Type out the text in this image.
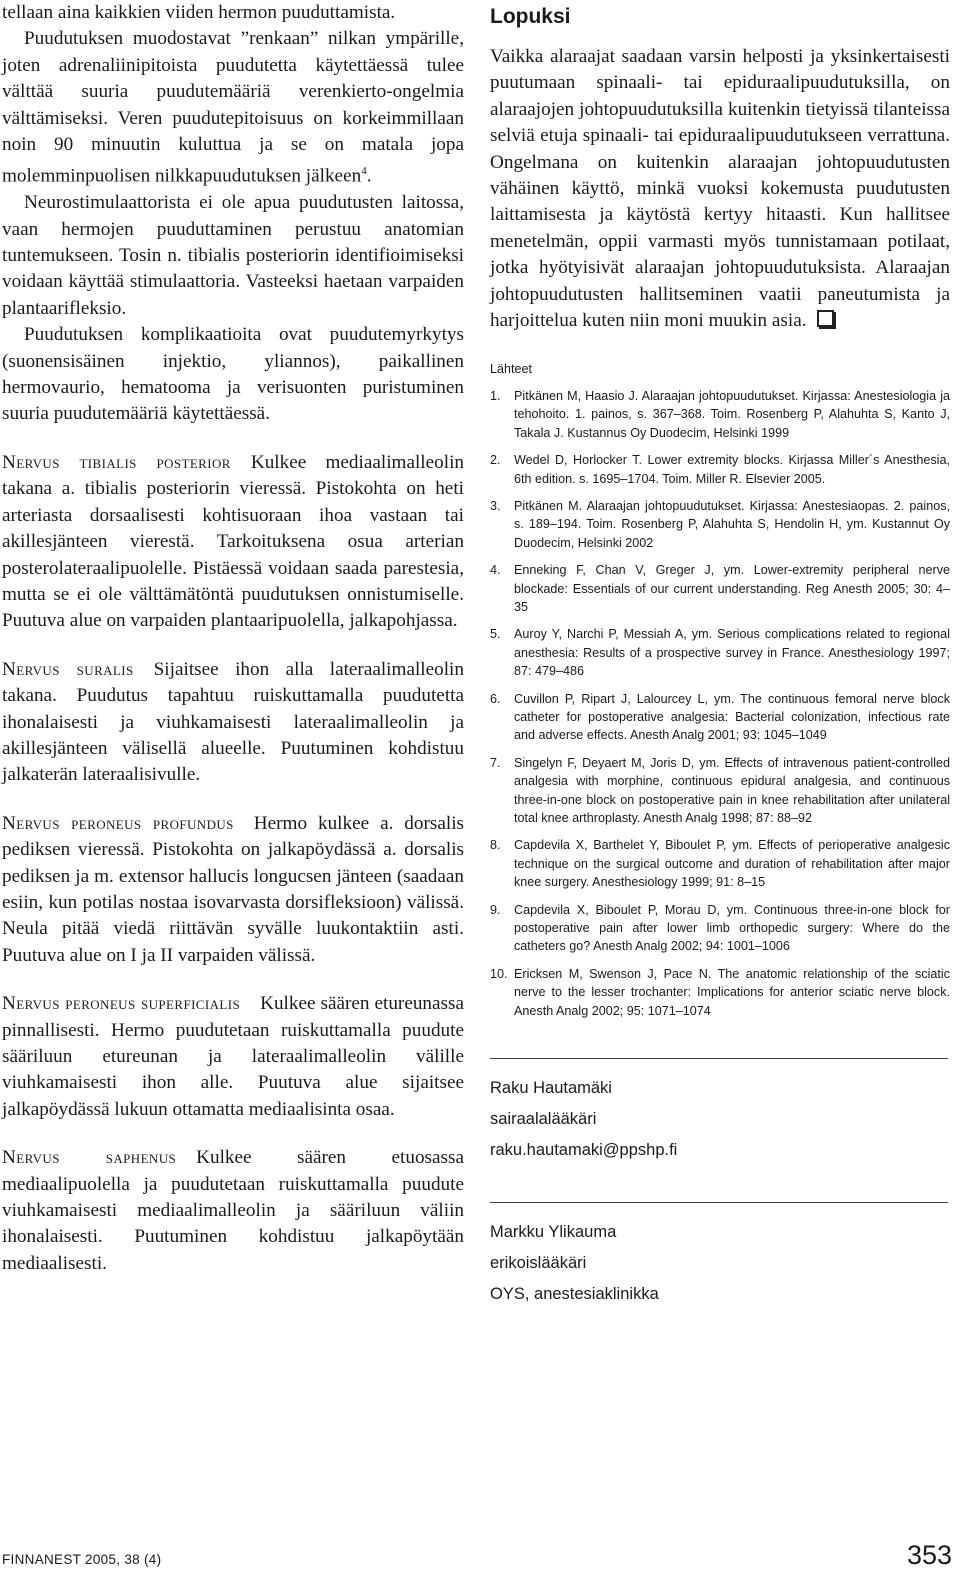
tellaan aina kaikkien viiden hermon puuduttamista.

Puudutuksen muodostavat ”renkaan” nilkan ympärille, joten adrenaliinipitoista puudutetta käytettäessä tulee välttää suuria puudutemääriä verenkierto-ongelmia välttämiseksi. Veren puudutepitoisuus on korkeimmillaan noin 90 minuutin kuluttua ja se on matala jopa molemminpuolisen nilkkapuudutuksen jälkeen$^4$.

Neurostimulaattorista ei ole apua puudutusten laitossa, vaan hermojen puuduttaminen perustuu anatomian tuntemukseen. Tosin n. tibialis posteriorin identifioimiseksi voidaan käyttää stimulaattoria. Vasteeksi haetaan varpaiden plantaarifleksio.

Puudutuksen komplikaatioita ovat puudutemyrkytys (suonensisäinen injektio, yliannos), paikallinen hermovaurio, hematooma ja verisuonten puristuminen suuria puudutemääriä käytettäessä.

Nervus tibialis posterior Kulkee mediaalimalleolin takana a. tibialis posteriorin vieressä. Pistokohta on heti arteriasta dorsaalisesti kohtisuoraan ihoa vastaan tai akillesjänteen vierestä. Tarkoituksena osua arterian posterolateraalipuolelle. Pistäessä voidaan saada parestesia, mutta se ei ole välttämätöntä puudutuksen onnistumiselle. Puutuva alue on varpaiden plantaaripuolella, jalkapohjassa.

Nervus suralis Sijaitsee ihon alla lateraalimalleolin takana. Puudutus tapahtuu ruiskuttamalla puudutetta ihonalaisesti ja viuhkamaisesti lateraalimalleolin ja akillesjänteen välisellä alueelle. Puutuminen kohdistuu jalkaterän lateraalisivulle.

Nervus peroneus profundus Hermo kulkee a. dorsalis pediksen vieressä. Pistokohta on jalkapöydässä a. dorsalis pediksen ja m. extensor hallucis longucsen jänteen (saadaan esiin, kun potilas nostaa isovarvasta dorsifleksioon) välissä. Neula pitää viedä riittävän syvälle luukontaktiin asti. Puutuva alue on I ja II varpaiden välissä.

Nervus peroneus superficialis Kulkee säären etureunassa pinnallisesti. Hermo puudutetaan ruiskuttamalla puudute sääriluun etureunan ja lateraalimalleolin välille viuhkamaisesti ihon alle. Puutuva alue sijaitsee jalkapöydässä lukuun ottamatta mediaalisinta osaa.

Nervus saphenus Kulkee säären etuosassa mediaalipuolella ja puudutetaan ruiskuttamalla puudute viuhkamaisesti mediaalimalleolin ja sääriluun väliin ihonalaisesti. Puutuminen kohdistuu jalkapöytään mediaalisesti.

Lopuksi

Vaikka alaraajat saadaan varsin helposti ja yksinkertaisesti puutumaan spinaali- tai epiduraalipuudutuksilla, on alaraajojen johtopuudutuksilla kuitenkin tietyissä tilanteissa selviä etuja spinaali- tai epiduraalipuudutukseen verrattuna. Ongelmana on kuitenkin alaraajan johtopuudutusten vähäinen käyttö, minkä vuoksi kokemusta puudutusten laittamisesta ja käytöstä kertyy hitaasti. Kun hallitsee menetelmän, oppii varmasti myös tunnistamaan potilaat, jotka hyötyisivät alaraajan johtopuudutuksista. Alaraajan johtopuudutusten hallitseminen vaatii paneutumista ja harjoittelua kuten niin moni muukin asia.

Lähteet
1. Pitkänen M, Haasio J. Alaraajan johtopuudutukset. Kirjassa: Anestesiologia ja tehohoito. 1. painos, s. 367–368. Toim. Rosenberg P, Alahuhta S, Kanto J, Takala J. Kustannus Oy Duodecim, Helsinki 1999
2. Wedel D, Horlocker T. Lower extremity blocks. Kirjassa Miller´s Anesthesia, 6th edition. s. 1695–1704. Toim. Miller R. Elsevier 2005.
3. Pitkänen M. Alaraajan johtopuudutukset. Kirjassa: Anestesiaopas. 2. painos, s. 189–194. Toim. Rosenberg P, Alahuhta S, Hendolin H, ym. Kustannut Oy Duodecim, Helsinki 2002
4. Enneking F, Chan V, Greger J, ym. Lower-extremity peripheral nerve blockade: Essentials of our current understanding. Reg Anesth 2005; 30: 4–35
5. Auroy Y, Narchi P, Messiah A, ym. Serious complications related to regional anesthesia: Results of a prospective survey in France. Anesthesiology 1997; 87: 479–486
6. Cuvillon P, Ripart J, Lalourcey L, ym. The continuous femoral nerve block catheter for postoperative analgesia: Bacterial colonization, infectious rate and adverse effects. Anesth Analg 2001; 93: 1045–1049
7. Singelyn F, Deyaert M, Joris D, ym. Effects of intravenous patient-controlled analgesia with morphine, continuous epidural analgesia, and continuous three-in-one block on postoperative pain in knee rehabilitation after unilateral total knee arthroplasty. Anesth Analg 1998; 87: 88–92
8. Capdevila X, Barthelet Y, Biboulet P, ym. Effects of perioperative analgesic technique on the surgical outcome and duration of rehabilitation after major knee surgery. Anesthesiology 1999; 91: 8–15
9. Capdevila X, Biboulet P, Morau D, ym. Continuous three-in-one block for postoperative pain after lower limb orthopedic surgery: Where do the catheters go? Anesth Analg 2002; 94: 1001–1006
10. Ericksen M, Swenson J, Pace N. The anatomic relationship of the sciatic nerve to the lesser trochanter: Implications for anterior sciatic nerve block. Anesth Analg 2002; 95: 1071–1074
Raku Hautamäki
sairaalalääkäri
raku.hautamaki@ppshp.fi
Markku Ylikauma
erikoislääkäri
OYS, anestesiaklinikka
FINNANEST 2005, 38 (4)	353
